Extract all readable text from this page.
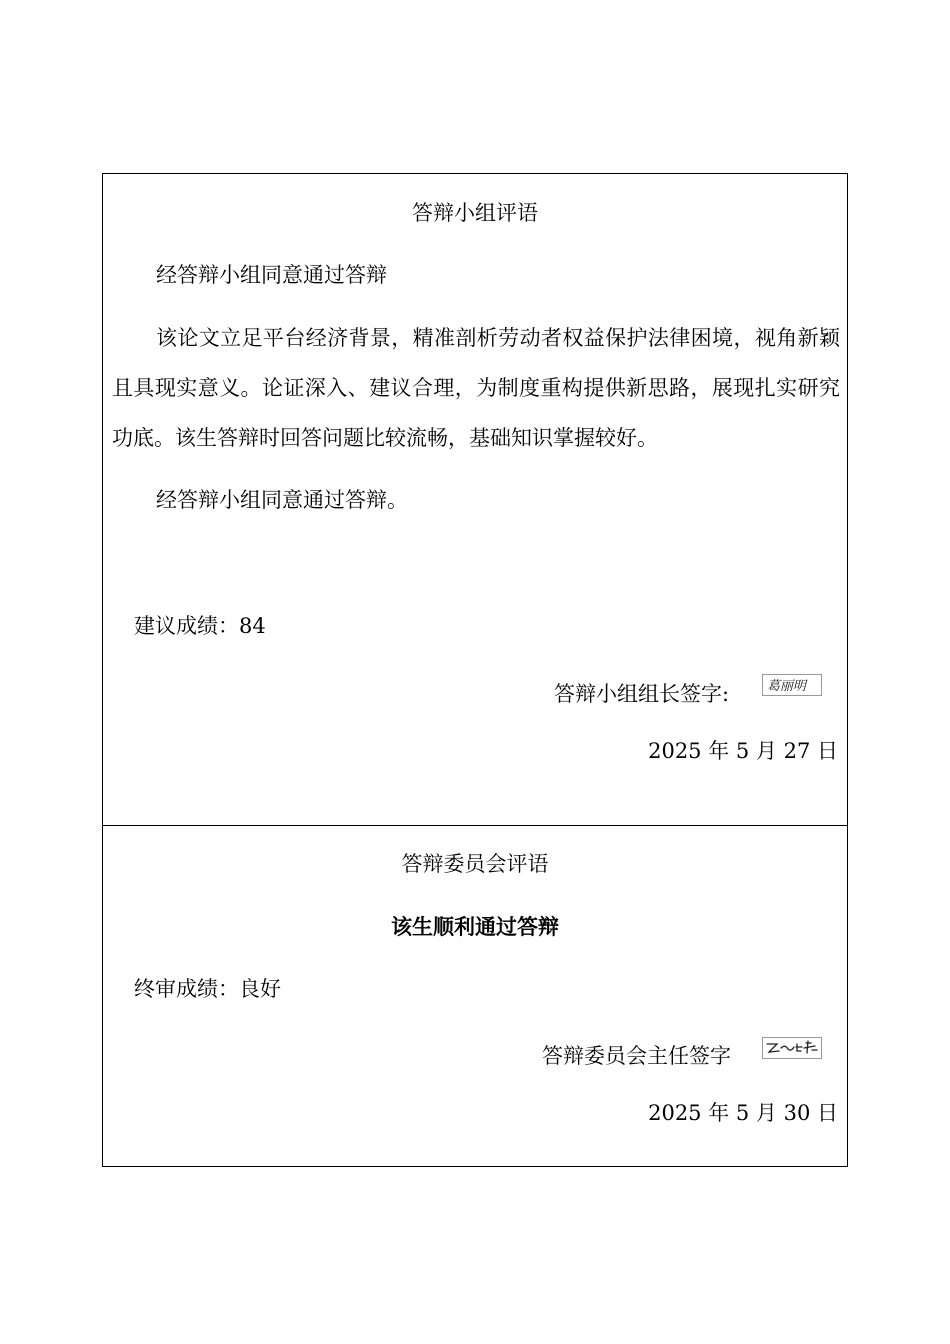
答辩小组评语
经答辩小组同意通过答辩
该论文立足平台经济背景，精准剖析劳动者权益保护法律困境，视角新颖且具现实意义。论证深入、建议合理，为制度重构提供新思路，展现扎实研究功底。该生答辩时回答问题比较流畅，基础知识掌握较好。
经答辩小组同意通过答辩。
建议成绩：84
答辩小组组长签字:	葛丽明
2025 年 5 月 27 日
答辩委员会评语
该生顺利通过答辩
终审成绩：良好
答辩委员会主任签字
2025 年 5 月 30 日
